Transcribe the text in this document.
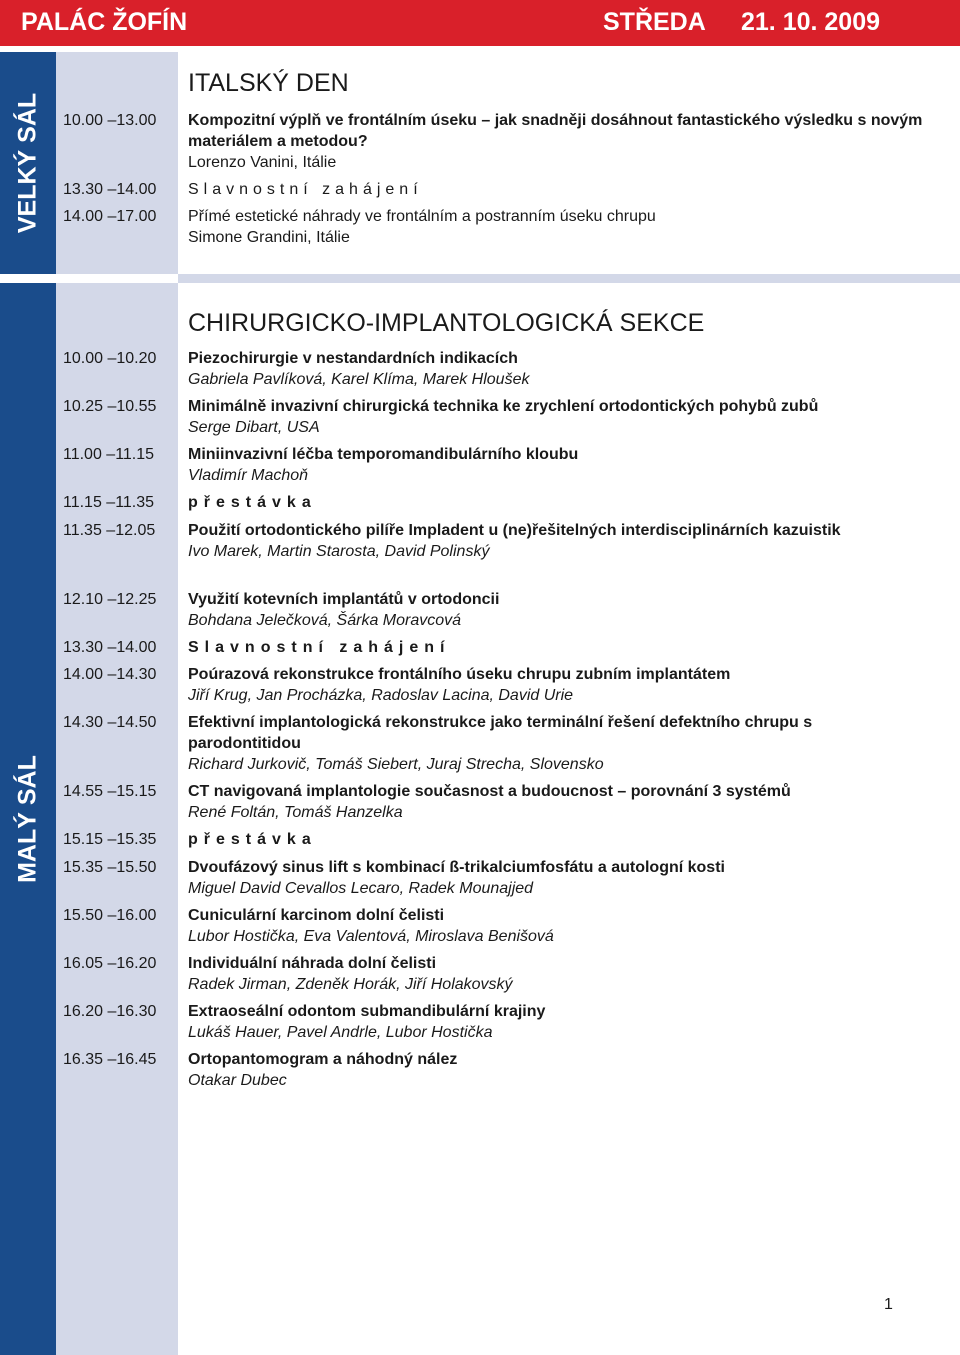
PALÁC ŽOFÍN	STŘEDA 21. 10. 2009
VELKÝ SÁL
MALÝ SÁL
ITALSKÝ DEN
10.00 –13.00 Kompozitní výplň ve frontálním úseku – jak snadněji dosáhnout fantastického výsledku s novým materiálem a metodou?
Lorenzo Vanini, Itálie
13.30 –14.00 Slavnostní zahájení
14.00 –17.00 Přímé estetické náhrady ve frontálním a postranním úseku chrupu
Simone Grandini, Itálie
CHIRURGICKO-IMPLANTOLOGICKÁ SEKCE
10.00 –10.20 Piezochirurgie v nestandardních indikacích
Gabriela Pavlíková, Karel Klíma, Marek Hloušek
10.25 –10.55 Minimálně invazivní chirurgická technika ke zrychlení ortodontických pohybů zubů
Serge Dibart, USA
11.00 –11.15 Miniinvazivní léčba temporomandibulárního kloubu
Vladimír Machoň
11.15 –11.35 přestávka
11.35 –12.05 Použití ortodontického pilíře Impladent u (ne)řešitelných interdisciplinárních kazuistik
Ivo Marek, Martin Starosta, David Polinský
12.10 –12.25 Využití kotevních implantátů v ortodoncii
Bohdana Jelečková, Šárka Moravcová
13.30 –14.00 Slavnostní zahájení
14.00 –14.30 Poúrazová rekonstrukce frontálního úseku chrupu zubním implantátem
Jiří Krug, Jan Procházka, Radoslav Lacina, David Urie
14.30 –14.50 Efektivní implantologická rekonstrukce jako terminální řešení defektního chrupu s parodontitidou
Richard Jurkovič, Tomáš Siebert, Juraj Strecha, Slovensko
14.55 –15.15 CT navigovaná implantologie současnost a budoucnost – porovnání 3 systémů
René Foltán, Tomáš Hanzelka
15.15 –15.35 přestávka
15.35 –15.50 Dvoufázový sinus lift s kombinací ß-trikalciumfosfátu a autologní kosti
Miguel David Cevallos Lecaro, Radek Mounajjed
15.50 –16.00 Cuniculární karcinom dolní čelisti
Lubor Hostička, Eva Valentová, Miroslava Benišová
16.05 –16.20 Individuální náhrada dolní čelisti
Radek Jirman, Zdeněk Horák, Jiří Holakovský
16.20 –16.30 Extraoseální odontom submandibulární krajiny
Lukáš Hauer, Pavel Andrle, Lubor Hostička
16.35 –16.45 Ortopantomogram a náhodný nález
Otakar Dubec
1
